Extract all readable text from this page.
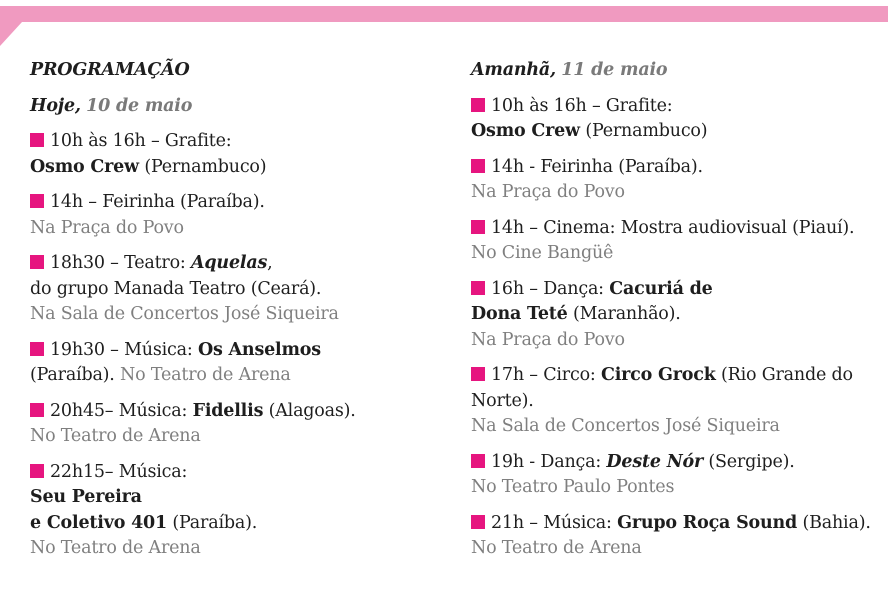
PROGRAMAÇÃO
Hoje, 10 de maio
10h às 16h – Grafite:
Osmo Crew (Pernambuco)
14h – Feirinha (Paraíba).
Na Praça do Povo
18h30 – Teatro: Aquelas,
do grupo Manada Teatro (Ceará).
Na Sala de Concertos José Siqueira
19h30 – Música: Os Anselmos
(Paraíba). No Teatro de Arena
20h45– Música: Fidellis (Alagoas).
No Teatro de Arena
22h15– Música:
Seu Pereira
e Coletivo 401 (Paraíba).
No Teatro de Arena
Amanhã, 11 de maio
10h às 16h – Grafite:
Osmo Crew (Pernambuco)
14h - Feirinha (Paraíba).
Na Praça do Povo
14h – Cinema: Mostra audiovisual (Piauí).
No Cine Bangüê
16h – Dança: Cacuriá de
Dona Teté (Maranhão).
Na Praça do Povo
17h – Circo: Circo Grock (Rio Grande do
Norte).
Na Sala de Concertos José Siqueira
19h - Dança: Deste Nór (Sergipe).
No Teatro Paulo Pontes
21h – Música: Grupo Roça Sound (Bahia).
No Teatro de Arena
